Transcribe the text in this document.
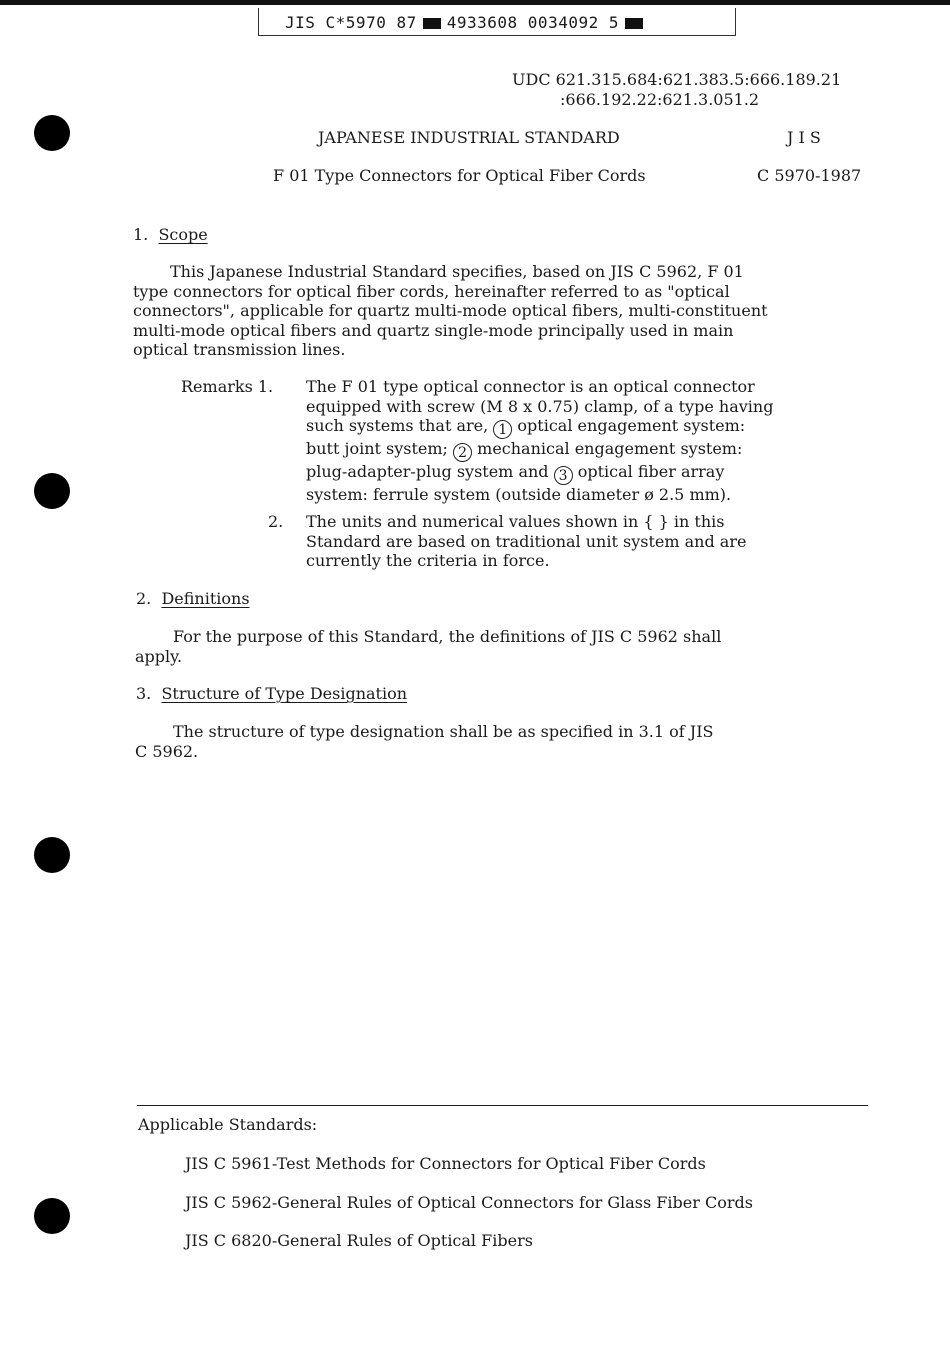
JIS C*5970 87 4933608 0034092 5
UDC 621.315.684:621.383.5:666.189.21
:666.192.22:621.3.051.2
JAPANESE INDUSTRIAL STANDARD	J I S
F 01 Type Connectors for Optical Fiber Cords	C 5970-1987
1. Scope
This Japanese Industrial Standard specifies, based on JIS C 5962, F 01
type connectors for optical fiber cords, hereinafter referred to as "optical
connectors", applicable for quartz multi-mode optical fibers, multi-constituent
multi-mode optical fibers and quartz single-mode principally used in main
optical transmission lines.
Remarks 1. The F 01 type optical connector is an optical connector
equipped with screw (M 8 x 0.75) clamp, of a type having
such systems that are, 1 optical engagement system:
butt joint system; 2 mechanical engagement system:
plug-adapter-plug system and 3 optical fiber array
system: ferrule system (outside diameter ø 2.5 mm).
2. The units and numerical values shown in { } in this
Standard are based on traditional unit system and are
currently the criteria in force.
2. Definitions
For the purpose of this Standard, the definitions of JIS C 5962 shall
apply.
3. Structure of Type Designation
The structure of type designation shall be as specified in 3.1 of JIS
C 5962.
Applicable Standards:
JIS C 5961-Test Methods for Connectors for Optical Fiber Cords
JIS C 5962-General Rules of Optical Connectors for Glass Fiber Cords
JIS C 6820-General Rules of Optical Fibers
